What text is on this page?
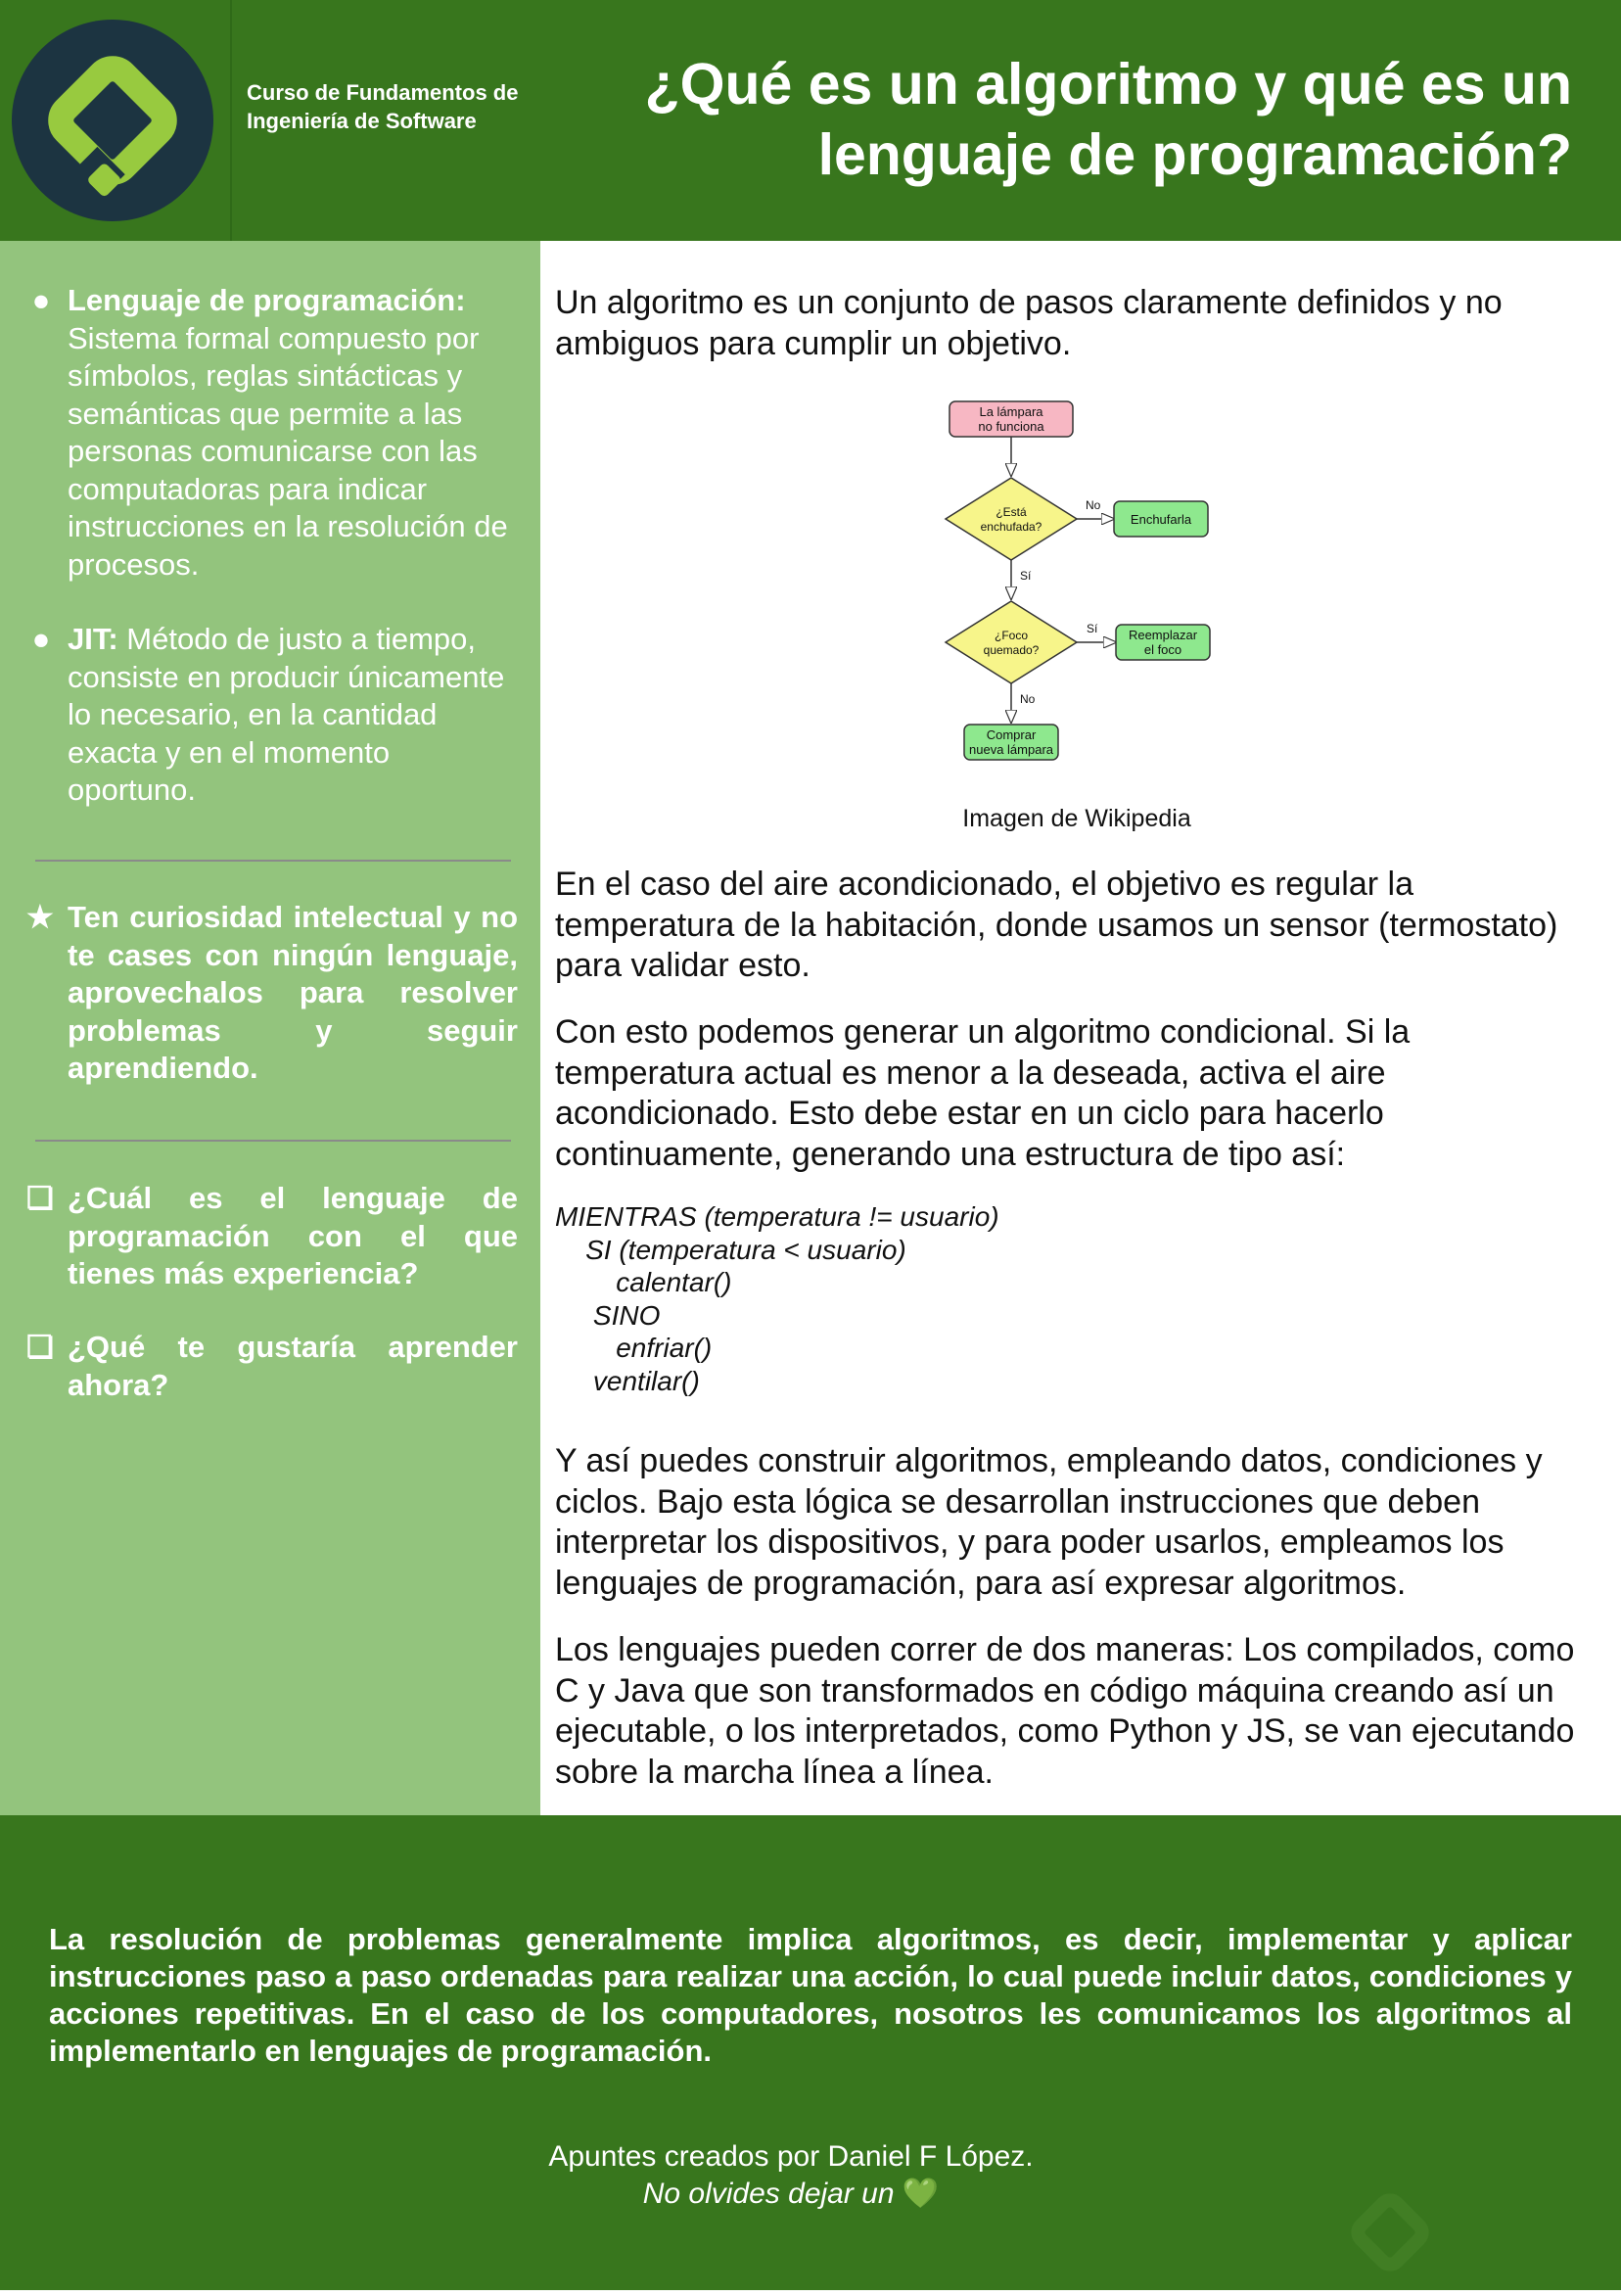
Curso de Fundamentos de Ingeniería de Software
¿Qué es un algoritmo y qué es un lenguaje de programación?
● Lenguaje de programación: Sistema formal compuesto por símbolos, reglas sintácticas y semánticas que permite a las personas comunicarse con las computadoras para indicar instrucciones en la resolución de procesos.
● JIT: Método de justo a tiempo, consiste en producir únicamente lo necesario, en la cantidad exacta y en el momento oportuno.
★ Ten curiosidad intelectual y no te cases con ningún lenguaje, aprovechalos para resolver problemas y seguir aprendiendo.
❏ ¿Cuál es el lenguaje de programación con el que tienes más experiencia?
❏ ¿Qué te gustaría aprender ahora?
Un algoritmo es un conjunto de pasos claramente definidos y no ambiguos para cumplir un objetivo.
La lámpara
no funciona
¿Está
enchufada?
No
Enchufarla
Sí
¿Foco
quemado?
Sí Reemplazar
el foco
No
Comprar
nueva lámpara
Imagen de Wikipedia
En el caso del aire acondicionado, el objetivo es regular la temperatura de la habitación, donde usamos un sensor (termostato) para validar esto.
Con esto podemos generar un algoritmo condicional. Si la temperatura actual es menor a la deseada, activa el aire acondicionado. Esto debe estar en un ciclo para hacerlo continuamente, generando una estructura de tipo así:
MIENTRAS (temperatura != usuario)
SI (temperatura < usuario)
calentar()
SINO
enfriar()
ventilar()
Y así puedes construir algoritmos, empleando datos, condiciones y ciclos. Bajo esta lógica se desarrollan instrucciones que deben interpretar los dispositivos, y para poder usarlos, empleamos los lenguajes de programación, para así expresar algoritmos.
Los lenguajes pueden correr de dos maneras: Los compilados, como C y Java que son transformados en código máquina creando así un ejecutable, o los interpretados, como Python y JS, se van ejecutando sobre la marcha línea a línea.
La resolución de problemas generalmente implica algoritmos, es decir, implementar y aplicar instrucciones paso a paso ordenadas para realizar una acción, lo cual puede incluir datos, condiciones y acciones repetitivas. En el caso de los computadores, nosotros les comunicamos los algoritmos al implementarlo en lenguajes de programación.
Apuntes creados por Daniel F López.
No olvides dejar un 💚
